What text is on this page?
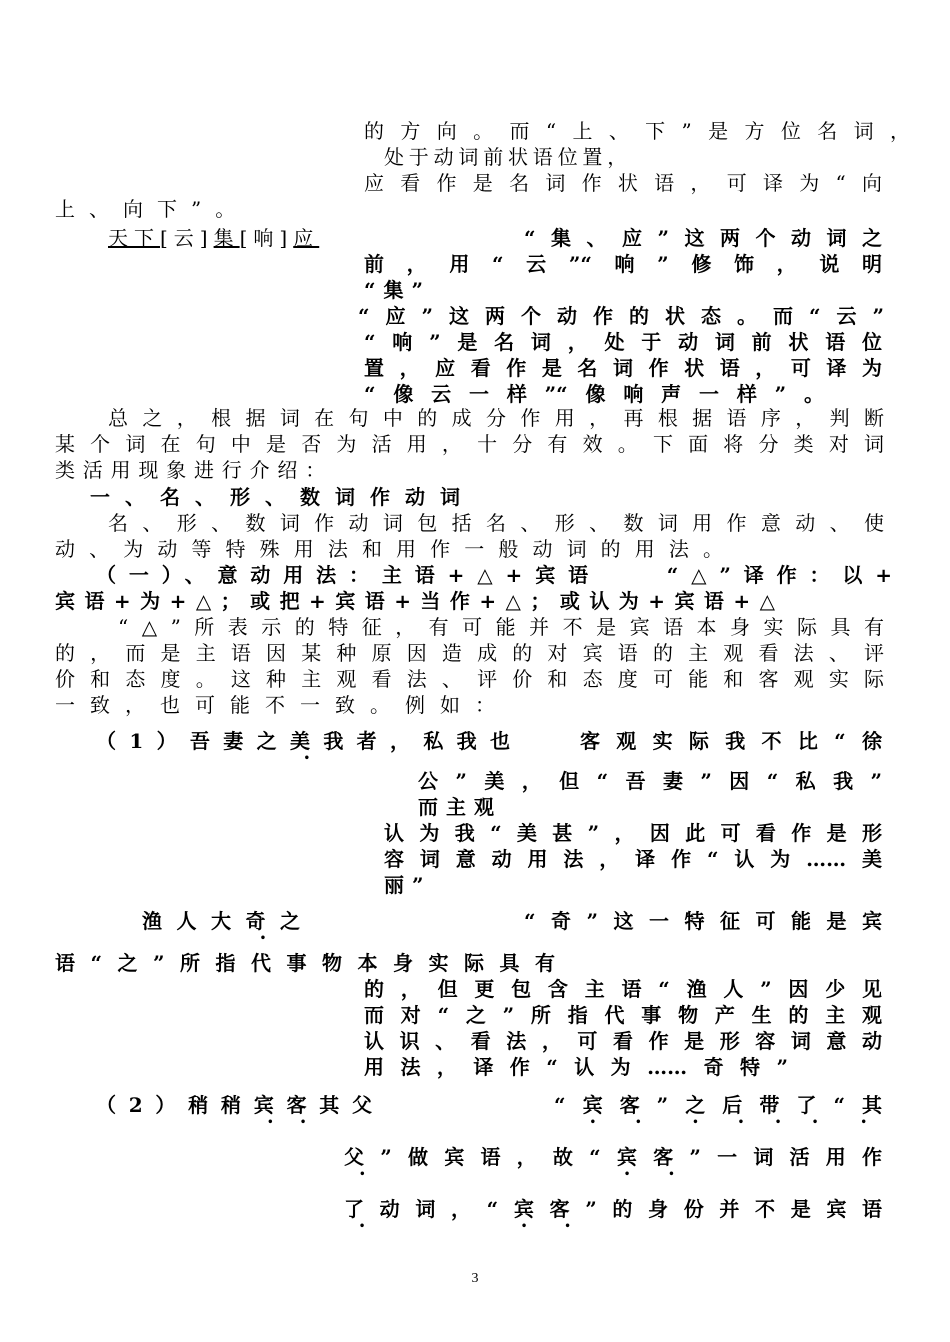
的方向。而“上、下”是方位名词，
处于动词前状语位置，
应看作是名词作状语，可译为“向
上、向下”。
天下[云]集[响]应	“集、应”这两个动词之
前，用“云”“响”修饰，说明
“集”
“应”这两个动作的状态。而“云”
“响”是名词，处于动词前状语位
置，应看作是名词作状语，可译为
“像云一样”“像响声一样”。
总之，根据词在句中的成分作用，再根据语序，判断
某个词在句中是否为活用，十分有效。下面将分类对词
类活用现象进行介绍：
一、名、形、数词作动词
名、形、数词作动词包括名、形、数词用作意动、使
动、为动等特殊用法和用作一般动词的用法。
（一）、意动用法：主语+△+宾语　　“△”译作：以+
宾语+为+△；或把+宾语+当作+△；或认为+宾语+△
“△”所表示的特征，有可能并不是宾语本身实际具有
的，而是主语因某种原因造成的对宾语的主观看法、评
价和态度。这种主观看法、评价和态度可能和客观实际
一致，也可能不一致。例如：
（1）吾妻之美我者，私我也	客观实际我不比“徐
公”美，但“吾妻”因“私我”
而主观
认为我“美甚”，因此可看作是形
容词意动用法，译作“认为……美
丽”
渔人大奇之	“奇”这一特征可能是宾
语“之”所指代事物本身实际具有
的，但更包含主语“渔人”因少见
而对“之”所指代事物产生的主观
认识、看法，可看作是形容词意动
用法，译作“认为……奇特”
（2）稍稍宾客其父	“宾客”之后带了“其
父”做宾语，故“宾客”一词活用作
了动词，“宾客”的身份并不是宾语
3
